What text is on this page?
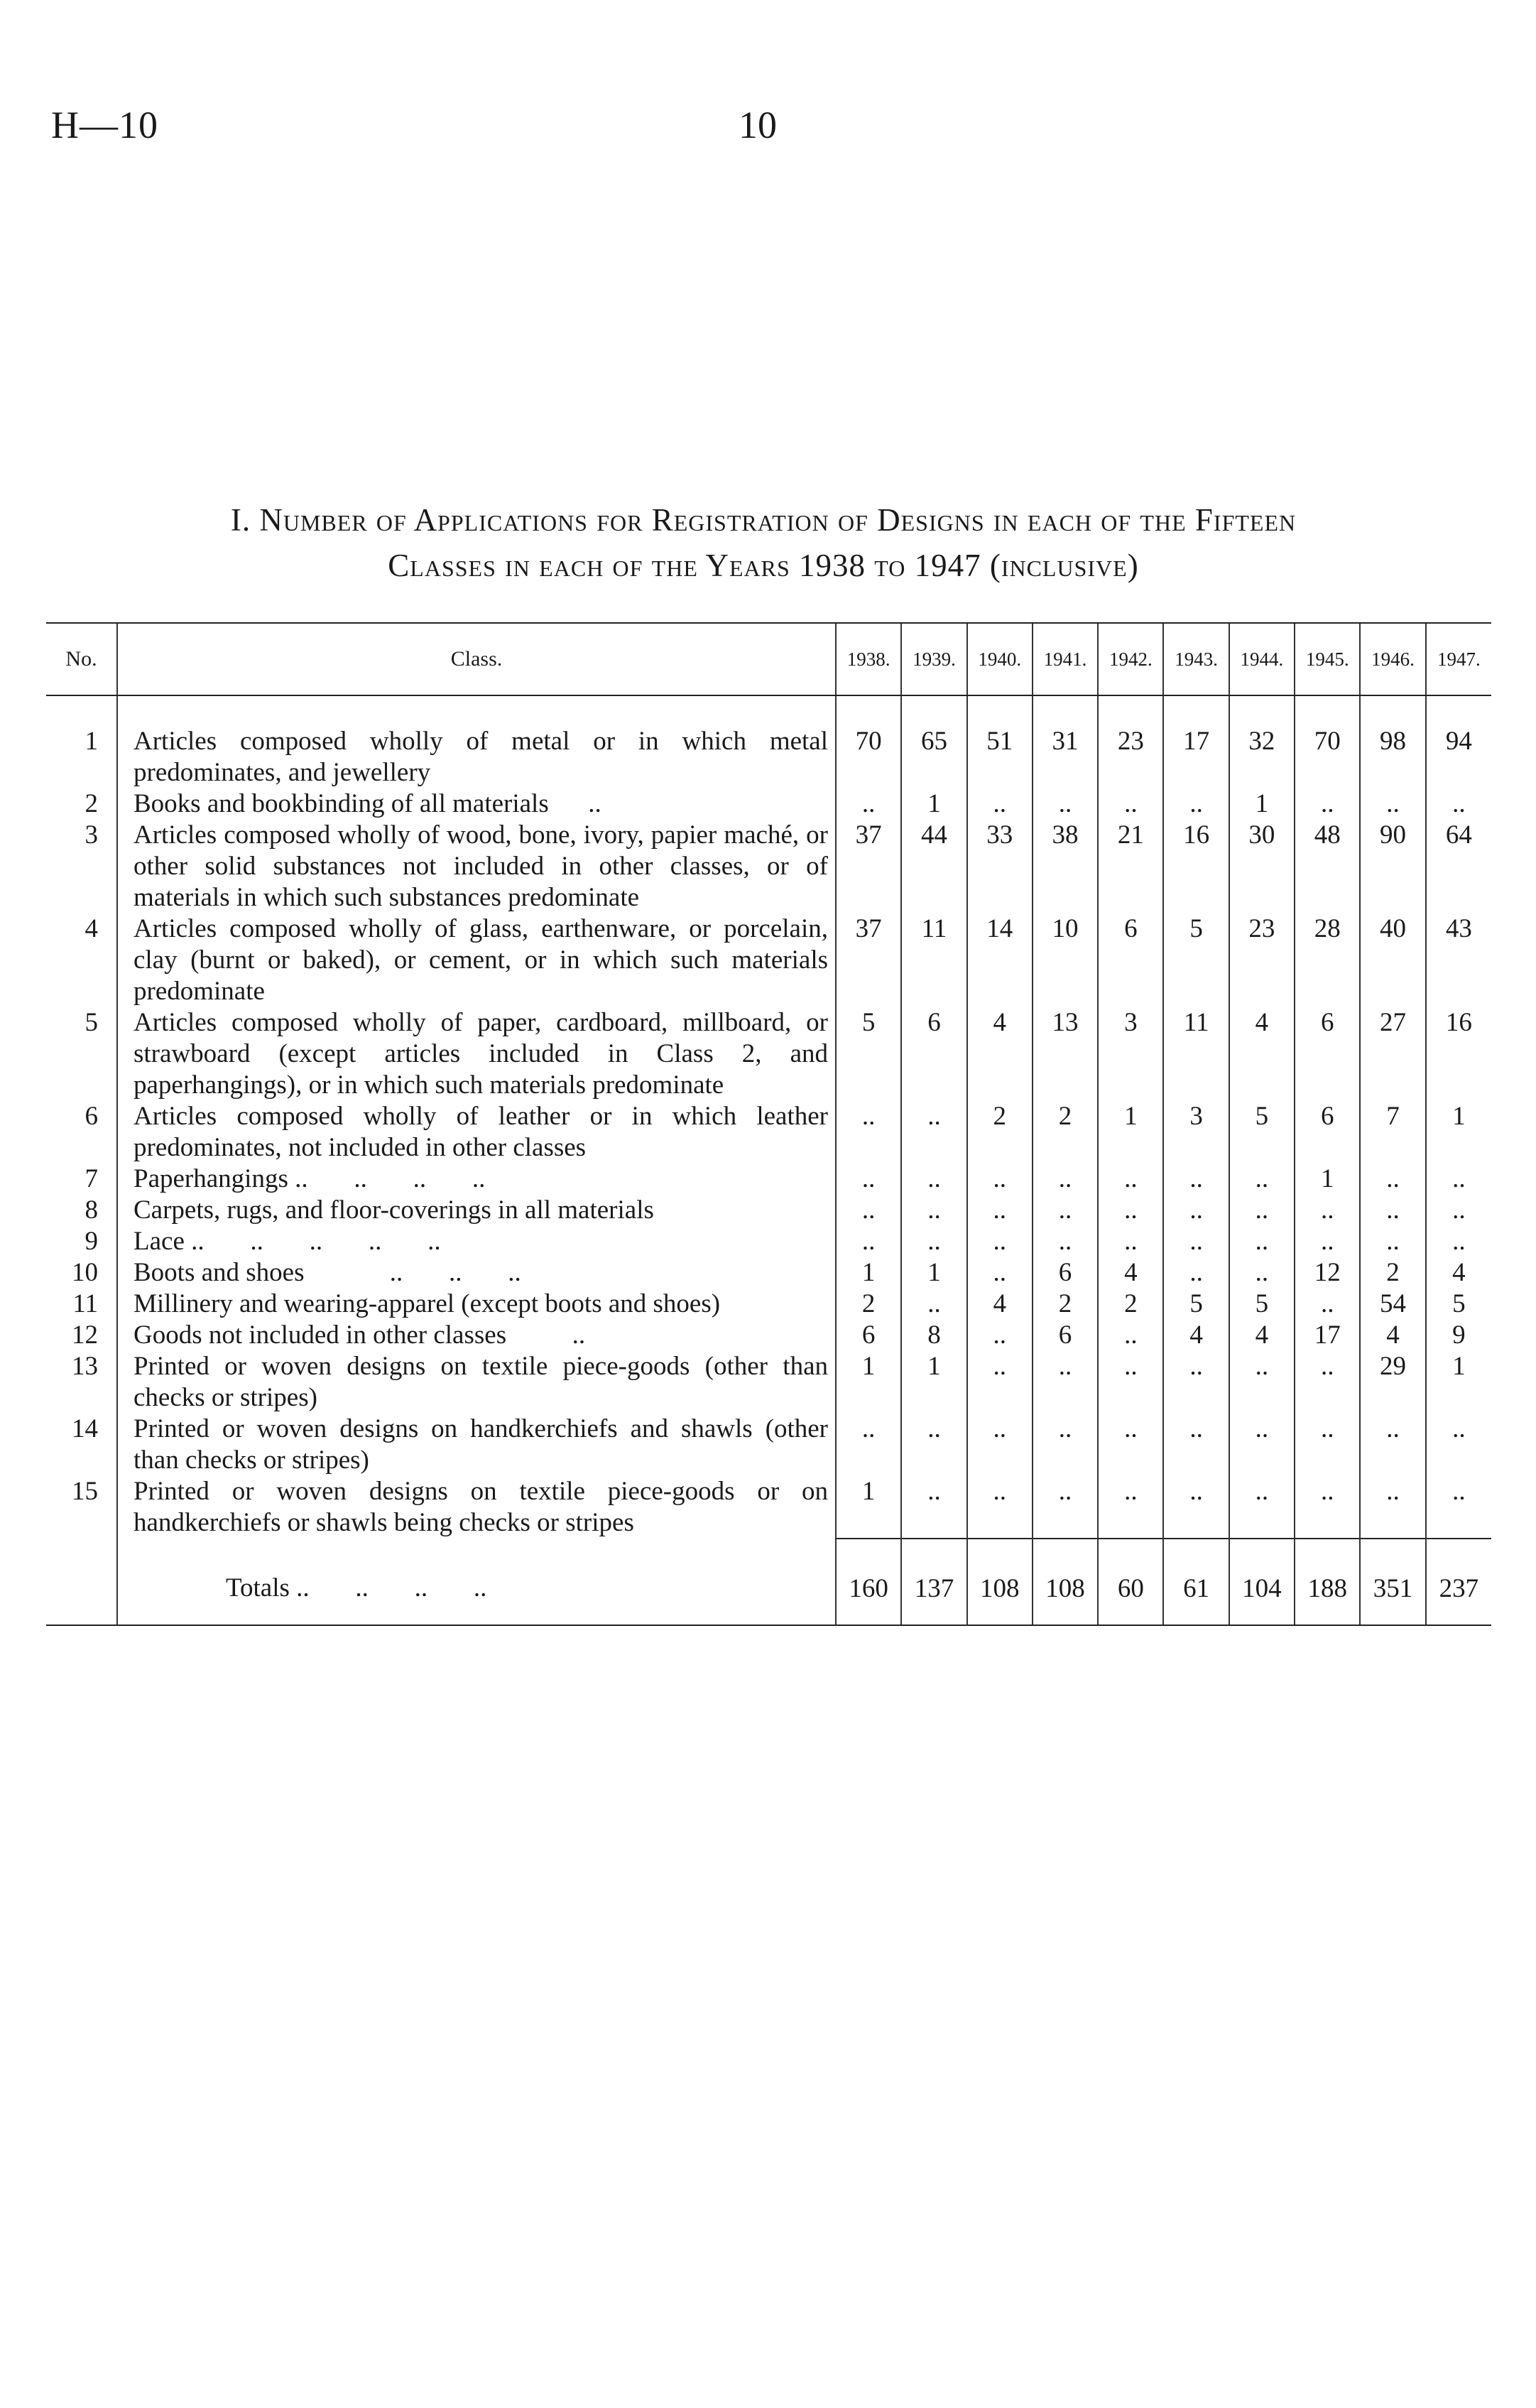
H—10	10
I. Number of Applications for Registration of Designs in each of the Fifteen
Classes in each of the Years 1938 to 1947 (inclusive)
No.	Class.	1938.	1939.	1940.	1941.	1942.	1943.	1944.	1945.	1946.	1947.
1	Articles composed wholly of metal or in which metal predominates, and jewellery	70	65	51	31	23	17	32	70	98	94
2	Books and bookbinding of all materials      ..	..	1	..	..	..	..	1	..	..	..
3	Articles composed wholly of wood, bone, ivory, papier maché, or other solid substances not included in other classes, or of materials in which such substances predominate	37	44	33	38	21	16	30	48	90	64
4	Articles composed wholly of glass, earthenware, or porcelain, clay (burnt or baked), or cement, or in which such materials predominate	37	11	14	10	6	5	23	28	40	43
5	Articles composed wholly of paper, cardboard, millboard, or strawboard (except articles included in Class 2, and paperhangings), or in which such materials predominate	5	6	4	13	3	11	4	6	27	16
6	Articles composed wholly of leather or in which leather predominates, not included in other classes	..	..	2	2	1	3	5	6	7	1
7	Paperhangings ..       ..       ..       ..	..	..	..	..	..	..	..	1	..	..
8	Carpets, rugs, and floor-coverings in all materials	..	..	..	..	..	..	..	..	..	..
9	Lace ..       ..       ..       ..       ..	..	..	..	..	..	..	..	..	..	..
10	Boots and shoes             ..       ..       ..	1	1	..	6	4	..	..	12	2	4
11	Millinery and wearing-apparel (except boots and shoes)	2	..	4	2	2	5	5	..	54	5
12	Goods not included in other classes          ..	6	8	..	6	..	4	4	17	4	9
13	Printed or woven designs on textile piece-goods (other than checks or stripes)	1	1	..	..	..	..	..	..	29	1
14	Printed or woven designs on handkerchiefs and shawls (other than checks or stripes)	..	..	..	..	..	..	..	..	..	..
15	Printed or woven designs on textile piece-goods or on handkerchiefs or shawls being checks or stripes	1	..	..	..	..	..	..	..	..	..
	Totals ..       ..       ..       ..	160	137	108	108	60	61	104	188	351	237
